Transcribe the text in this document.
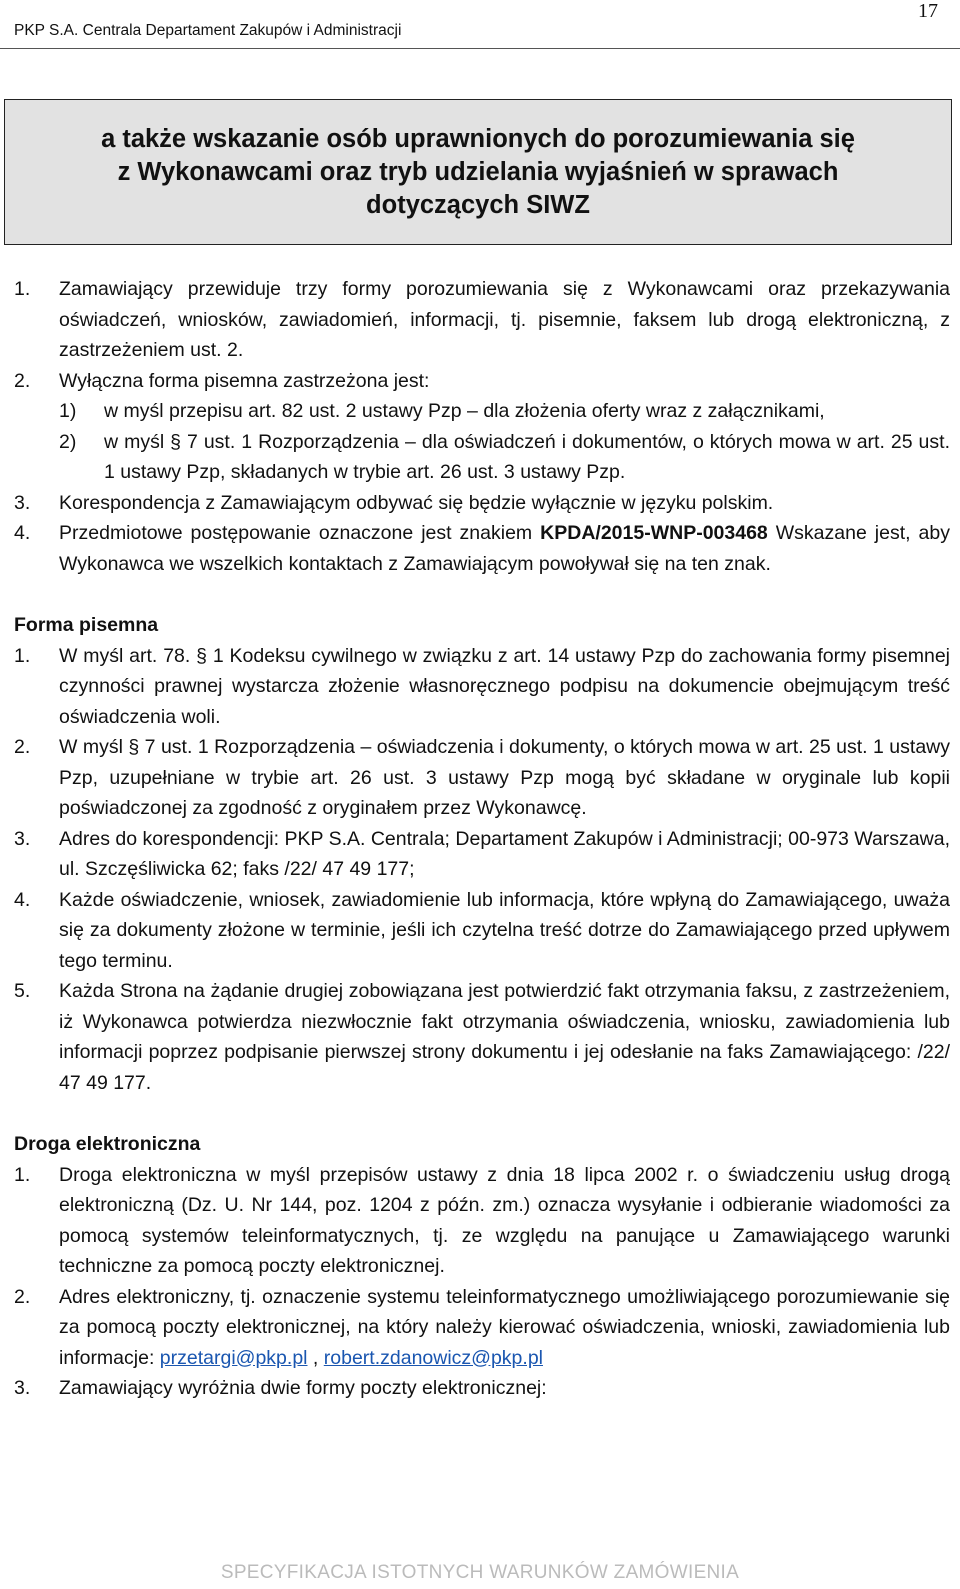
PKP S.A. Centrala Departament Zakupów i Administracji
17

a także wskazanie osób uprawnionych do porozumiewania się
z Wykonawcami oraz tryb udzielania wyjaśnień w sprawach
dotyczących SIWZ

1.	Zamawiający przewiduje trzy formy porozumiewania się z Wykonawcami oraz przekazywania oświadczeń, wniosków, zawiadomień, informacji, tj. pisemnie, faksem lub drogą elektroniczną, z zastrzeżeniem ust. 2.
2.	Wyłączna forma pisemna zastrzeżona jest:
1)	w myśl przepisu art. 82 ust. 2 ustawy Pzp – dla złożenia oferty wraz z załącznikami,
2)	w myśl § 7 ust. 1 Rozporządzenia – dla oświadczeń i dokumentów, o których mowa w art. 25 ust. 1 ustawy Pzp, składanych w trybie art. 26 ust. 3 ustawy Pzp.
3.	Korespondencja z Zamawiającym odbywać się będzie wyłącznie w języku polskim.
4.	Przedmiotowe postępowanie oznaczone jest znakiem KPDA/2015-WNP-003468 Wskazane jest, aby Wykonawca we wszelkich kontaktach z Zamawiającym powoływał się na ten znak.
Forma pisemna
1.	W myśl art. 78. § 1 Kodeksu cywilnego w związku z art. 14 ustawy Pzp do zachowania formy pisemnej czynności prawnej wystarcza złożenie własnoręcznego podpisu na dokumencie obejmującym treść oświadczenia woli.
2.	W myśl § 7 ust. 1 Rozporządzenia – oświadczenia i dokumenty, o których mowa w art. 25 ust. 1 ustawy Pzp, uzupełniane w trybie art. 26 ust. 3 ustawy Pzp mogą być składane w oryginale lub kopii poświadczonej za zgodność z oryginałem przez Wykonawcę.
3.	Adres do korespondencji: PKP S.A. Centrala; Departament Zakupów i Administracji; 00-973 Warszawa, ul. Szczęśliwicka 62; faks /22/ 47 49 177;
4.	Każde oświadczenie, wniosek, zawiadomienie lub informacja, które wpłyną do Zamawiającego, uważa się za dokumenty złożone w terminie, jeśli ich czytelna treść dotrze do Zamawiającego przed upływem tego terminu.
5.	Każda Strona na żądanie drugiej zobowiązana jest potwierdzić fakt otrzymania faksu, z zastrzeżeniem, iż Wykonawca potwierdza niezwłocznie fakt otrzymania oświadczenia, wniosku, zawiadomienia lub informacji poprzez podpisanie pierwszej strony dokumentu i jej odesłanie na faks Zamawiającego: /22/ 47 49 177.
Droga elektroniczna
1.	Droga elektroniczna w myśl przepisów ustawy z dnia 18 lipca 2002 r. o świadczeniu usług drogą elektroniczną (Dz. U. Nr 144, poz. 1204 z późn. zm.) oznacza wysyłanie i odbieranie wiadomości za pomocą systemów teleinformatycznych, tj. ze względu na panujące u Zamawiającego warunki techniczne za pomocą poczty elektronicznej.
2.	Adres elektroniczny, tj. oznaczenie systemu teleinformatycznego umożliwiającego porozumiewanie się za pomocą poczty elektronicznej, na który należy kierować oświadczenia, wnioski, zawiadomienia lub informacje: przetargi@pkp.pl , robert.zdanowicz@pkp.pl
3.	Zamawiający wyróżnia dwie formy poczty elektronicznej:
SPECYFIKACJA ISTOTNYCH WARUNKÓW ZAMÓWIENIA
